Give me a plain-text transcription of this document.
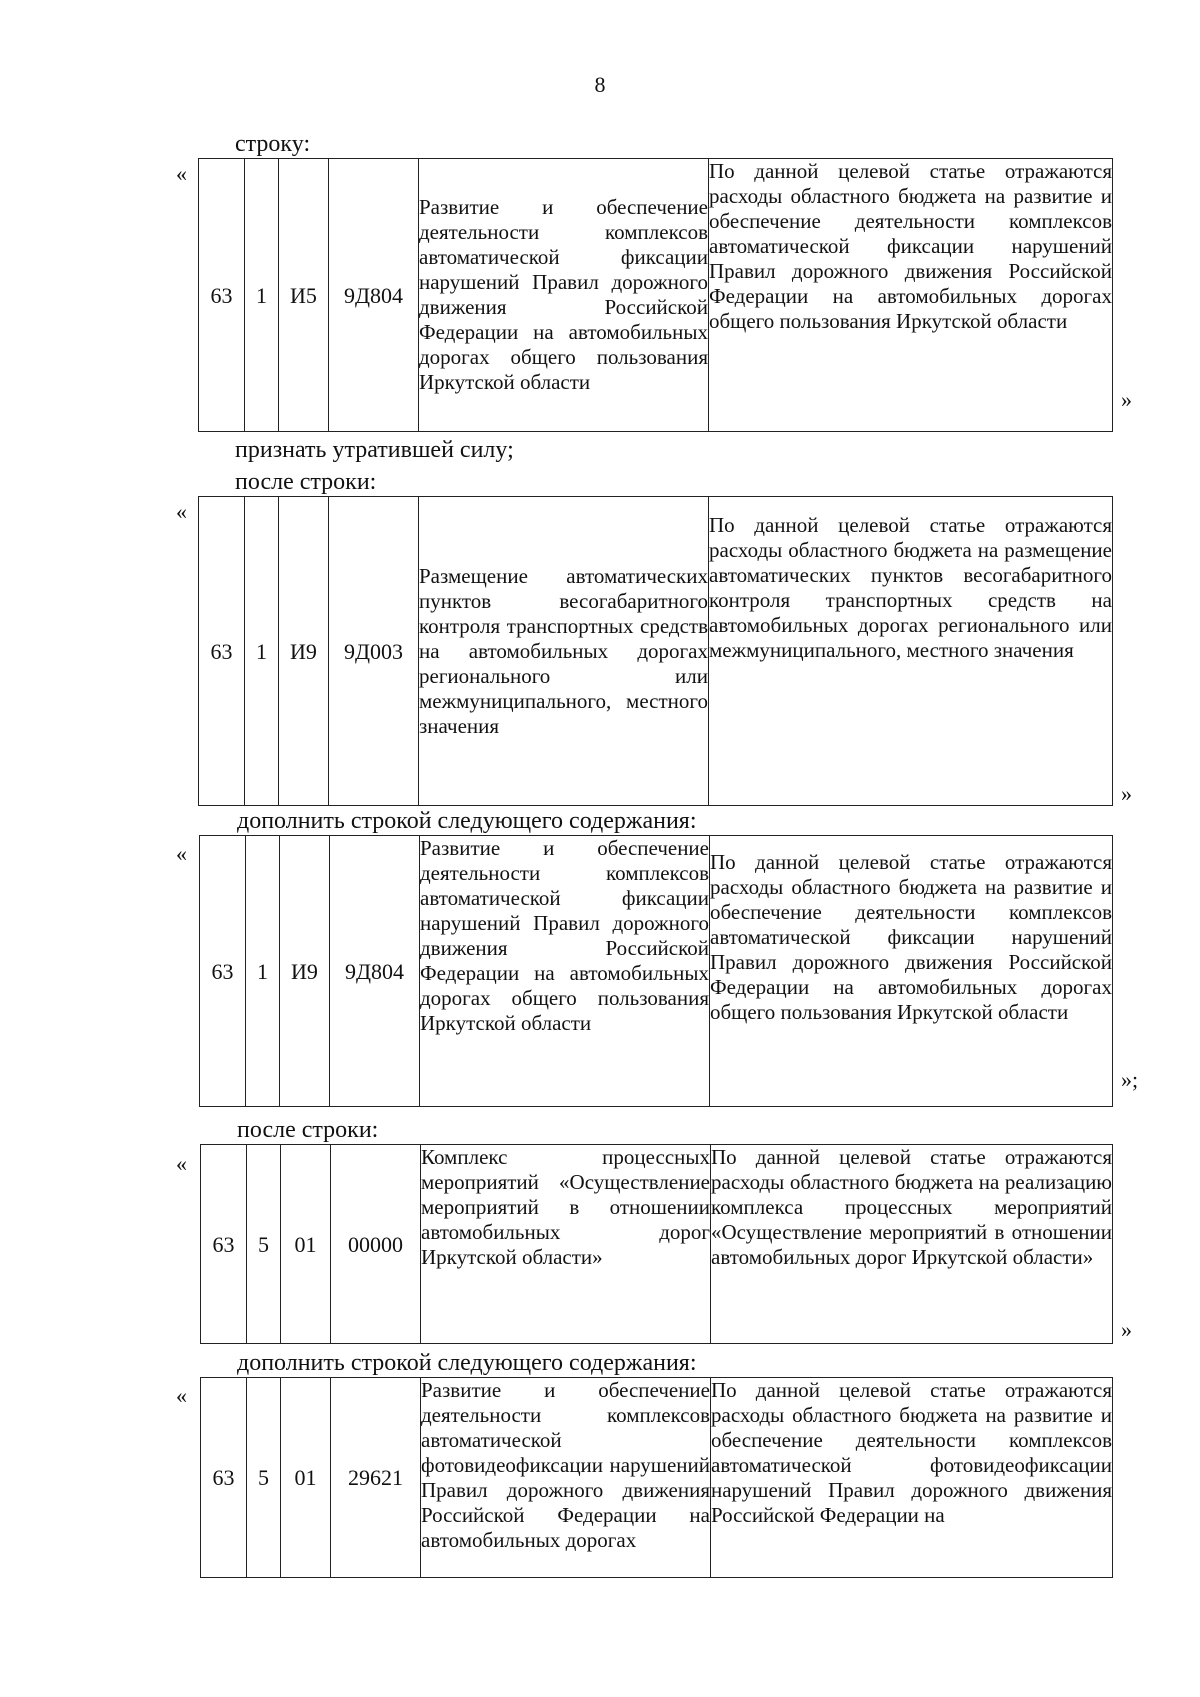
8
строку:
«
63	1	И5	9Д804	Развитие и обеспечение деятельности комплексов автоматической фиксации нарушений Правил дорожного движения Российской Федерации на автомобильных дорогах общего пользования Иркутской области	По данной целевой статье отражаются расходы областного бюджета на развитие и обеспечение деятельности комплексов автоматической фиксации нарушений Правил дорожного движения Российской Федерации на автомобильных дорогах общего пользования Иркутской области
»
признать утратившей силу;
после строки:
«
63	1	И9	9Д003	Размещение автоматических пунктов весогабаритного контроля транспортных средств на автомобильных дорогах регионального или межмуниципального, местного значения	По данной целевой статье отражаются расходы областного бюджета на размещение автоматических пунктов весогабаритного контроля транспортных средств на автомобильных дорогах регионального или межмуниципального, местного значения
»
дополнить строкой следующего содержания:
«
63	1	И9	9Д804	Развитие и обеспечение деятельности комплексов автоматической фиксации нарушений Правил дорожного движения Российской Федерации на автомобильных дорогах общего пользования Иркутской области	По данной целевой статье отражаются расходы областного бюджета на развитие и обеспечение деятельности комплексов автоматической фиксации нарушений Правил дорожного движения Российской Федерации на автомобильных дорогах общего пользования Иркутской области
»;
после строки:
«
63	5	01	00000	Комплекс процессных мероприятий «Осуществление мероприятий в отношении автомобильных дорог Иркутской области»	По данной целевой статье отражаются расходы областного бюджета на реализацию комплекса процессных мероприятий «Осуществление мероприятий в отношении автомобильных дорог Иркутской области»
»
дополнить строкой следующего содержания:
«
63	5	01	29621	Развитие и обеспечение деятельности комплексов автоматической фотовидеофиксации нарушений Правил дорожного движения Российской Федерации на автомобильных дорогах	По данной целевой статье отражаются расходы областного бюджета на развитие и обеспечение деятельности комплексов автоматической фотовидеофиксации нарушений Правил дорожного движения Российской Федерации на
